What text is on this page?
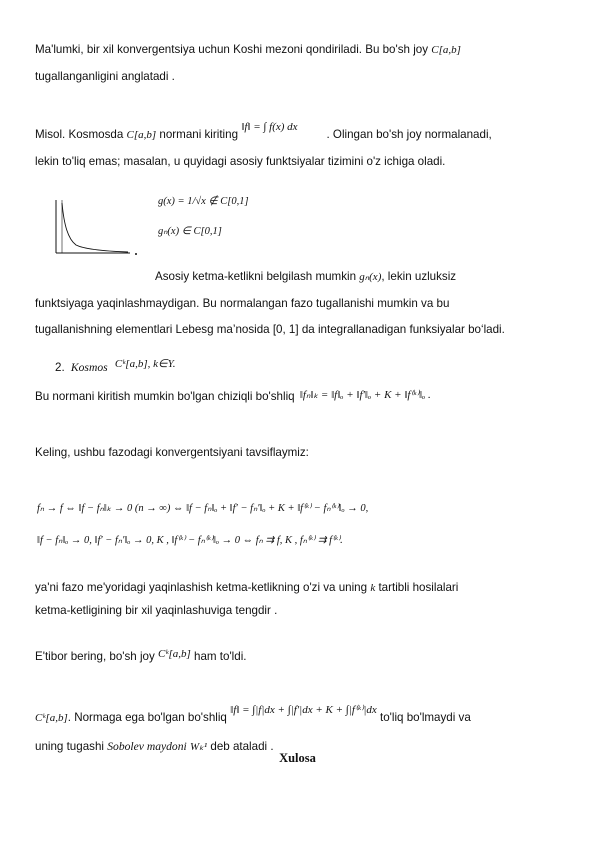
Ma'lumki, bir xil konvergentsiya uchun Koshi mezoni qondiriladi. Bu bo'sh joy C[a,b]
tugallanganligini anglatadi .
Misol. Kosmosda C[a,b] normani kiriting ‖f‖ = ∫ f(x) dx . Olingan bo'sh joy normalanadi,
lekin to'liq emas; masalan, u quyidagi asosiy funktsiyalar tizimini o'z ichiga oladi.
g(x) = 1/√x ∉ C[0,1]
gₙ(x) ∈ C[0,1]
Asosiy ketma-ketlikni belgilash mumkin gₙ(x), lekin uzluksiz
funktsiyaga yaqinlashmaydigan. Bu normalangan fazo tugallanishi mumkin va bu
tugallanishning elementlari Lebesg ma’nosida [0, 1] da integrallanadigan funksiyalar bo‘ladi.
2. Kosmos Cᵏ[a,b], k∈Y.
Bu normani kiritish mumkin bo'lgan chiziqli bo'shliq ‖fₙ‖ₖ = ‖f‖ₒ + ‖f′‖ₒ + K + ‖f⁽ᵏ⁾‖ₒ .
Keling, ushbu fazodagi konvergentsiyani tavsiflaymiz:
fₙ → f ⇔ ‖f − fₙ‖ₖ → 0 (n → ∞) ⇔ ‖f − fₙ‖ₒ + ‖f′ − fₙ′‖ₒ + K + ‖f⁽ᵏ⁾ − fₙ⁽ᵏ⁾‖ₒ → 0,
‖f − fₙ‖ₒ → 0, ‖f′ − fₙ′‖ₒ → 0, K , ‖f⁽ᵏ⁾ − fₙ⁽ᵏ⁾‖ₒ → 0 ⇔ fₙ ⇉ f, K , fₙ⁽ᵏ⁾ ⇉ f⁽ᵏ⁾.
ya'ni fazo me'yoridagi yaqinlashish ketma-ketlikning o'zi va uning k tartibli hosilalari
ketma-ketligining bir xil yaqinlashuviga tengdir .
E'tibor bering, bo'sh joy Cᵏ[a,b] ham to'ldi.
Cᵏ[a,b]. Normaga ega bo'lgan bo'shliq ‖f‖ = ∫|f|dx + ∫|f′|dx + K + ∫|f⁽ᵏ⁾|dx to'liq bo'lmaydi va
uning tugashi Sobolev maydoni Wₖ¹ deb ataladi .
Xulosa
